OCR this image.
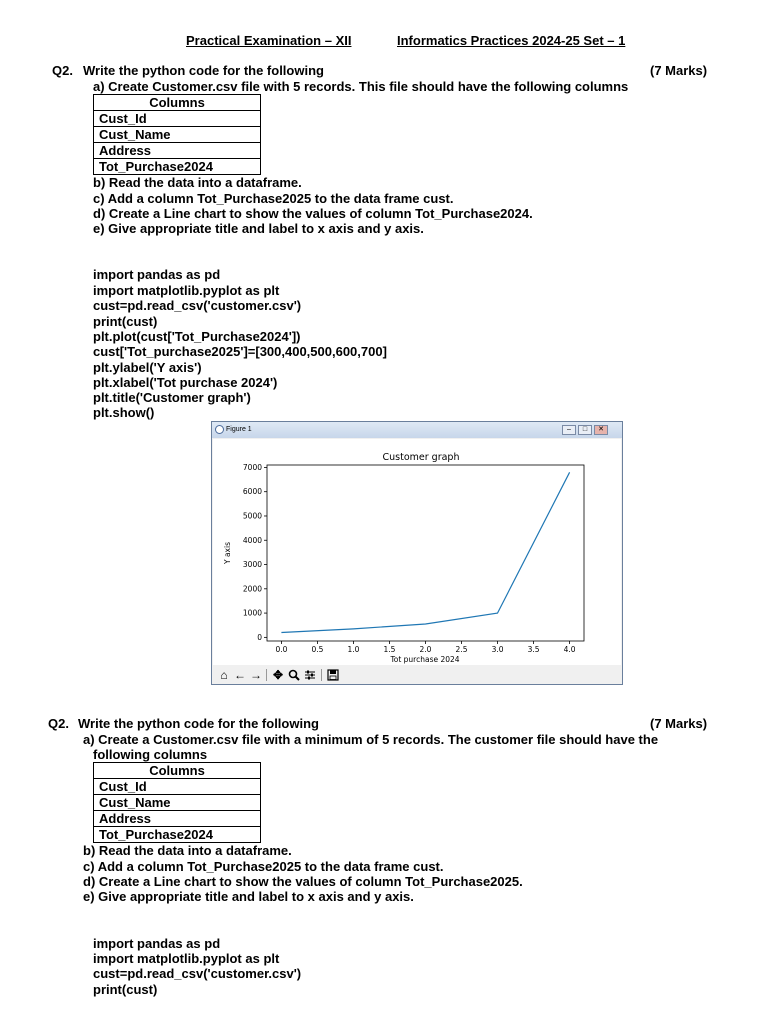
Practical Examination – XII	Informatics Practices 2024-25 Set – 1
Q2. Write the python code for the following	(7 Marks)
a) Create Customer.csv file with 5 records. This file should have the following columns
Columns
Cust_Id
Cust_Name
Address
Tot_Purchase2024
b) Read the data into a dataframe.
c) Add a column Tot_Purchase2025 to the data frame cust.
d) Create a Line chart to show the values of column Tot_Purchase2024.
e) Give appropriate title and label to x axis and y axis.
import pandas as pd
import matplotlib.pyplot as plt
cust=pd.read_csv('customer.csv')
print(cust)
plt.plot(cust['Tot_Purchase2024'])
cust['Tot_purchase2025']=[300,400,500,600,700]
plt.ylabel('Y axis')
plt.xlabel('Tot purchase 2024')
plt.title('Customer graph')
plt.show()
Figure 1	–	□	✕
Customer graph
0.0	0.5	1.0	1.5	2.0	2.5	3.0	3.5	4.0
0
1000
2000
3000
4000
5000
6000
7000
Tot purchase 2024
Y axis
⌂ ← → ✥
Q2. Write the python code for the following	(7 Marks)
a) Create a Customer.csv file with a minimum of 5 records. The customer file should have the
following columns
Columns
Cust_Id
Cust_Name
Address
Tot_Purchase2024
b) Read the data into a dataframe.
c) Add a column Tot_Purchase2025 to the data frame cust.
d) Create a Line chart to show the values of column Tot_Purchase2025.
e) Give appropriate title and label to x axis and y axis.
import pandas as pd
import matplotlib.pyplot as plt
cust=pd.read_csv('customer.csv')
print(cust)
